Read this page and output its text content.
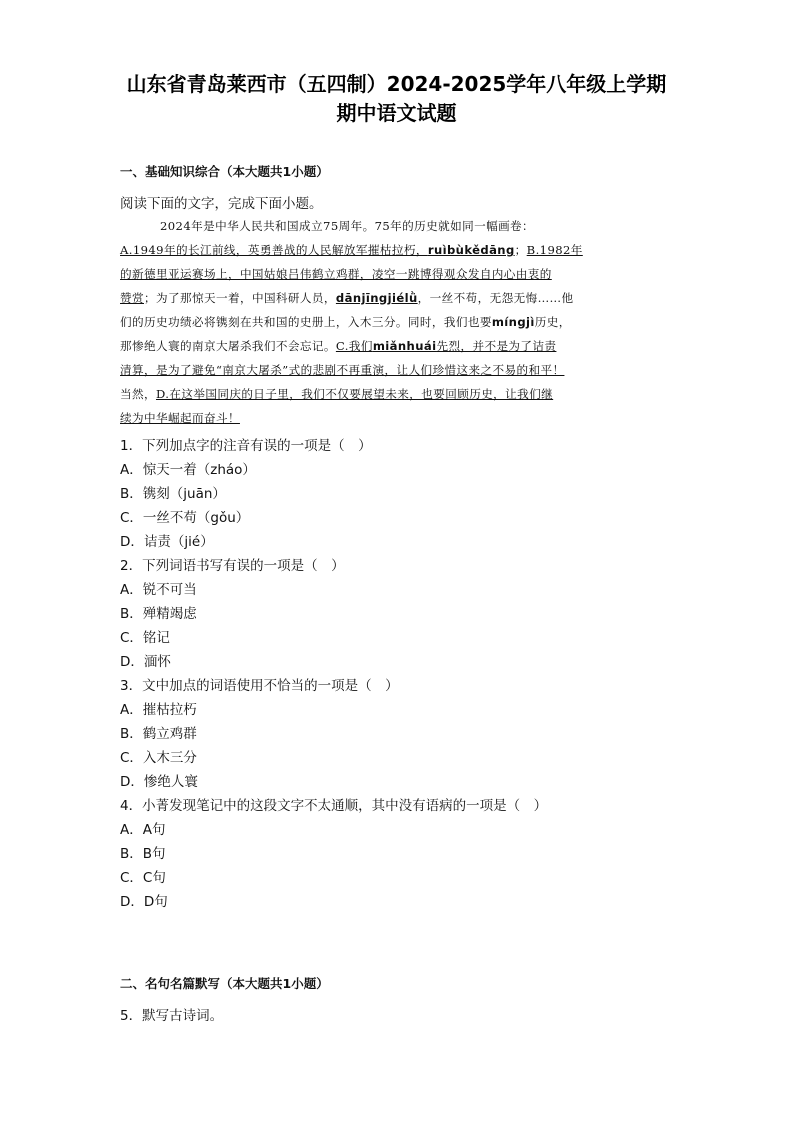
山东省青岛莱西市（五四制）2024-2025学年八年级上学期
期中语文试题
一、基础知识综合（本大题共1小题）
阅读下面的文字，完成下面小题。
2024年是中华人民共和国成立75周年。75年的历史就如同一幅画卷：
A.1949年的长江前线，英勇善战的人民解放军摧枯拉朽，ruìbùkědāng；B.1982年
的新德里亚运赛场上，中国姑娘吕伟鹤立鸡群，凌空一跳博得观众发自内心由衷的
赞赏；为了那惊天一着，中国科研人员，dānjīngjiélǜ，一丝不苟，无怨无悔……他
们的历史功绩必将镌刻在共和国的史册上，入木三分。同时，我们也要míngjì历史，
那惨绝人寰的南京大屠杀我们不会忘记。C.我们miǎnhuái先烈，并不是为了诘责
清算，是为了避免“南京大屠杀”式的悲剧不再重演，让人们珍惜这来之不易的和平！
当然，D.在这举国同庆的日子里，我们不仅要展望未来，也要回顾历史，让我们继
续为中华崛起而奋斗！
1．下列加点字的注音有误的一项是（　）
A．惊天一着（zháo）
B．镌刻（juān）
C．一丝不苟（gǒu）
D．诘责（jié）
2．下列词语书写有误的一项是（　）
A．锐不可当
B．殚精竭虑
C．铭记
D．湎怀
3．文中加点的词语使用不恰当的一项是（　）
A．摧枯拉朽
B．鹤立鸡群
C．入木三分
D．惨绝人寰
4．小菁发现笔记中的这段文字不太通顺，其中没有语病的一项是（　）
A．A句
B．B句
C．C句
D．D句
二、名句名篇默写（本大题共1小题）
5．默写古诗词。
